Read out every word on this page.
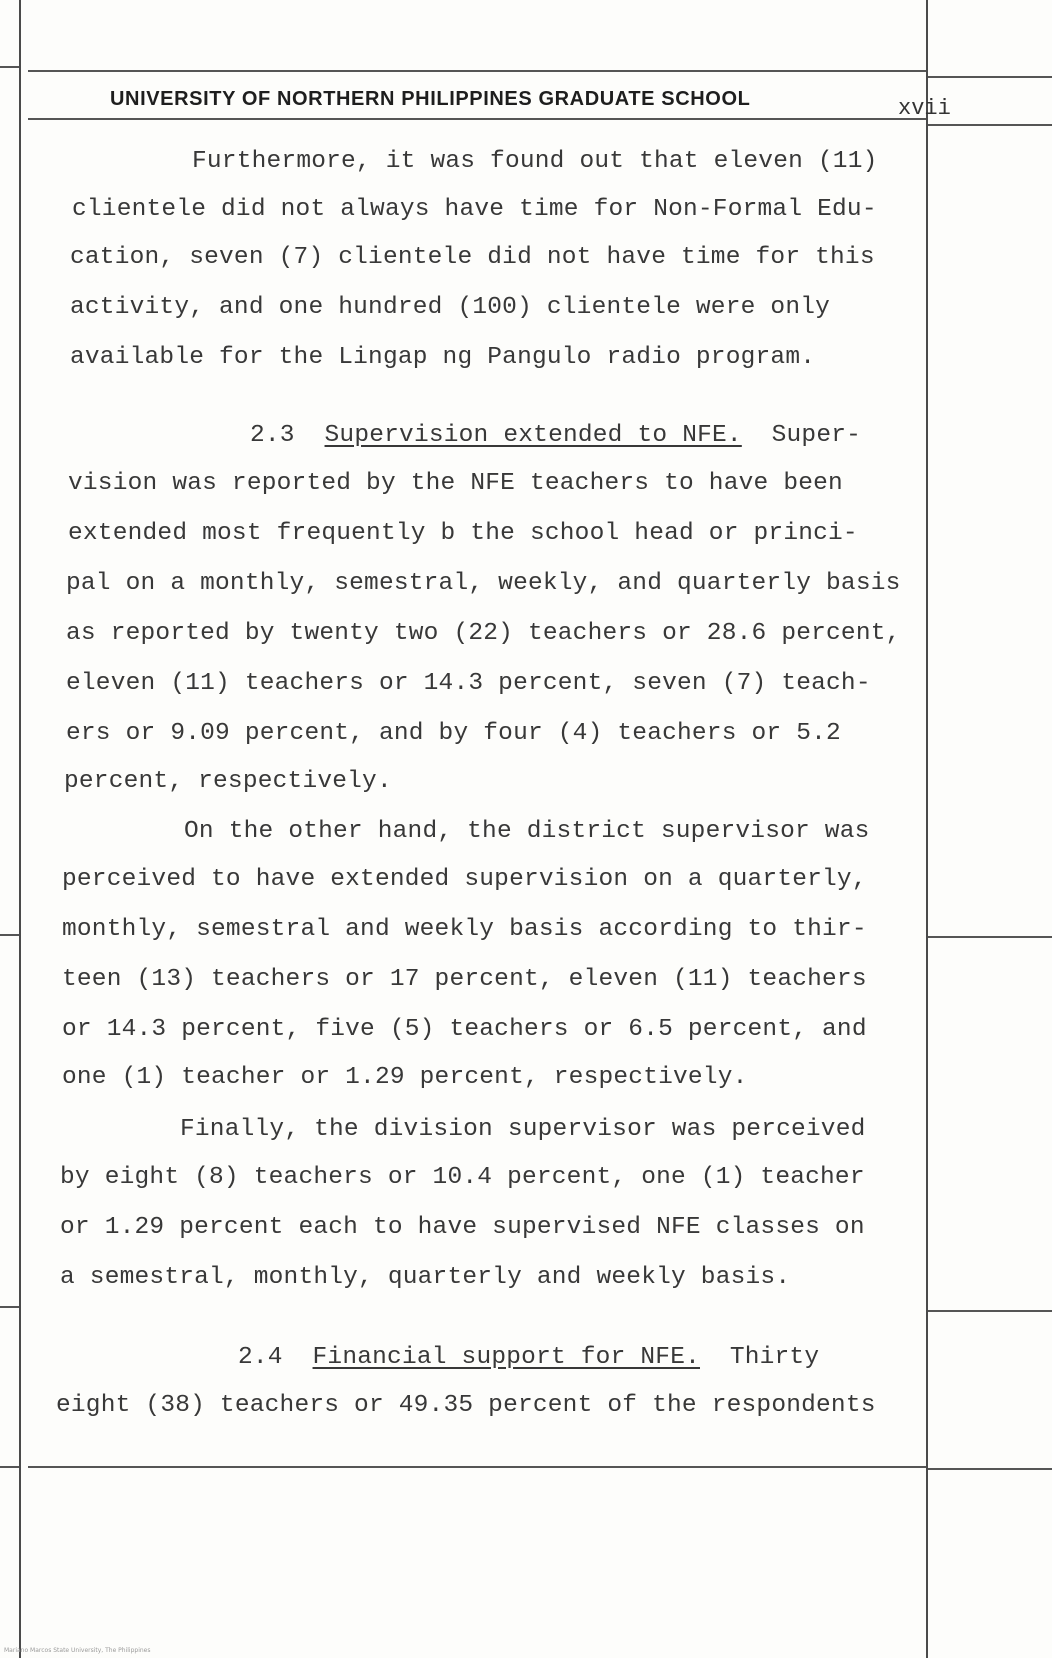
UNIVERSITY OF NORTHERN PHILIPPINES GRADUATE SCHOOL	xvii
Furthermore, it was found out that eleven (11)
clientele did not always have time for Non-Formal Edu-
cation, seven (7) clientele did not have time for this
activity, and one hundred (100) clientele were only
available for the Lingap ng Pangulo radio program.
2.3 Supervision extended to NFE. Super-
vision was reported by the NFE teachers to have been
extended most frequently b the school head or princi-
pal on a monthly, semestral, weekly, and quarterly basis
as reported by twenty two (22) teachers or 28.6 percent,
eleven (11) teachers or 14.3 percent, seven (7) teach-
ers or 9.09 percent, and by four (4) teachers or 5.2
percent, respectively.
On the other hand, the district supervisor was
perceived to have extended supervision on a quarterly,
monthly, semestral and weekly basis according to thir-
teen (13) teachers or 17 percent, eleven (11) teachers
or 14.3 percent, five (5) teachers or 6.5 percent, and
one (1) teacher or 1.29 percent, respectively.
Finally, the division supervisor was perceived
by eight (8) teachers or 10.4 percent, one (1) teacher
or 1.29 percent each to have supervised NFE classes on
a semestral, monthly, quarterly and weekly basis.
2.4 Financial support for NFE. Thirty
eight (38) teachers or 49.35 percent of the respondents
Mariano Marcos State University, The Philippines
